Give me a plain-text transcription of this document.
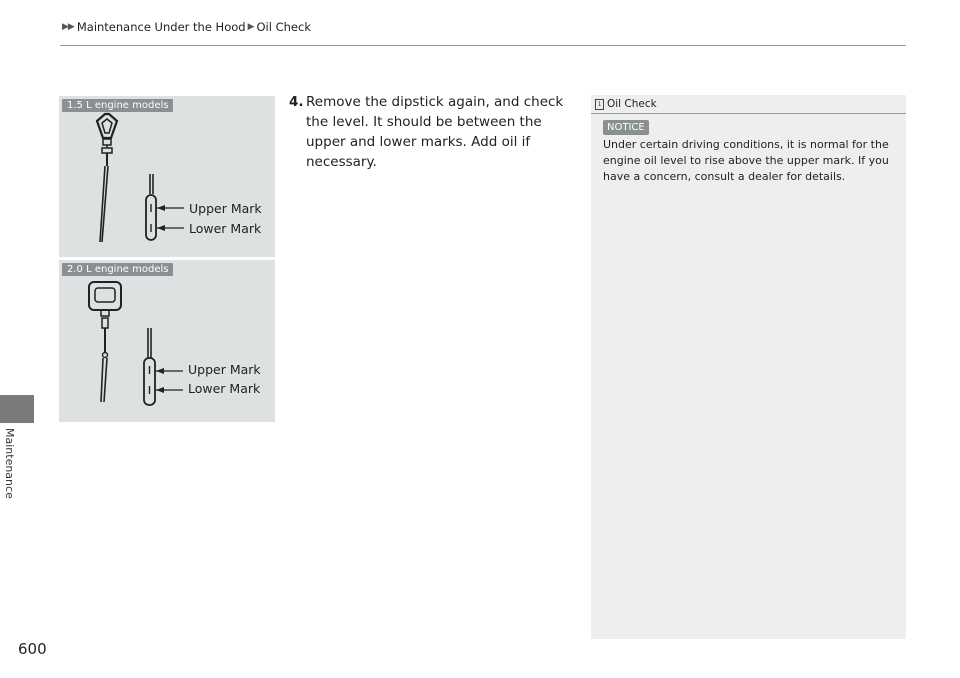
▶▶ Maintenance Under the Hood ▶ Oil Check
Maintenance
600
1.5 L engine models
Upper Mark
Lower Mark
2.0 L engine models
Upper Mark
Lower Mark
4. Remove the dipstick again, and check the level. It should be between the upper and lower marks. Add oil if necessary.
1 Oil Check
NOTICE
Under certain driving conditions, it is normal for the engine oil level to rise above the upper mark. If you have a concern, consult a dealer for details.
